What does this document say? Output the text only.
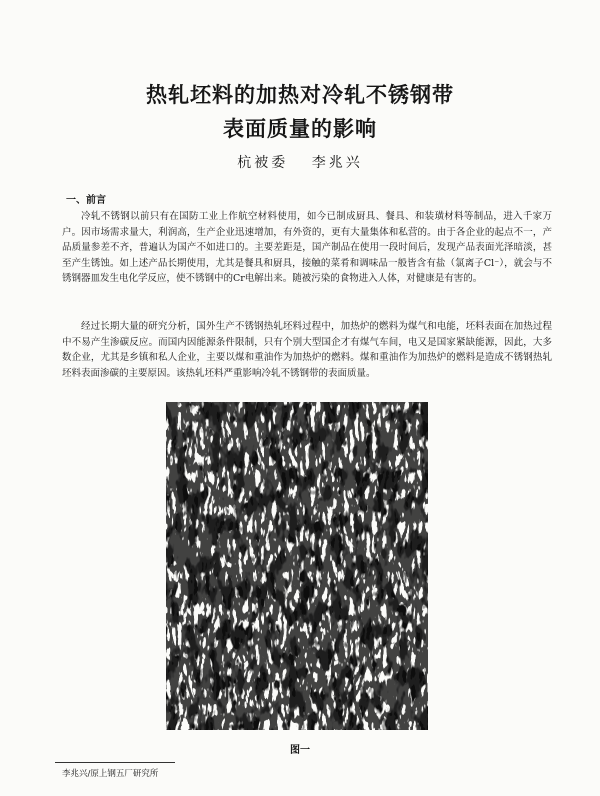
热轧坯料的加热对冷轧不锈钢带
表面质量的影响
杭被委 李兆兴
一、前言

冷轧不锈钢以前只有在国防工业上作航空材料使用，如今已制成厨具、餐具、和装璜材料等制品，进入千家万户。因市场需求量大，利润高，生产企业迅速增加，有外资的，更有大量集体和私营的。由于各企业的起点不一，产品质量参差不齐，普遍认为国产不如进口的。主要差距是，国产制品在使用一段时间后，发现产品表面光泽暗淡，甚至产生锈蚀。如上述产品长期使用，尤其是餐具和厨具，接触的菜肴和调味品一般皆含有盐（氯离子Cl⁻），就会与不锈钢器皿发生电化学反应，使不锈钢中的Cr电解出来。随被污染的食物进入人体，对健康是有害的。

经过长期大量的研究分析，国外生产不锈钢热轧坯料过程中，加热炉的燃料为煤气和电能，坯料表面在加热过程中不易产生渗碳反应。而国内因能源条件限制，只有个别大型国企才有煤气车间，电又是国家紧缺能源，因此，大多数企业，尤其是乡镇和私人企业，主要以煤和重油作为加热炉的燃料。煤和重油作为加热炉的燃料是造成不锈钢热轧坯料表面渗碳的主要原因。该热轧坯料严重影响冷轧不锈钢带的表面质量。

图一
李兆兴/原上钢五厂研究所
